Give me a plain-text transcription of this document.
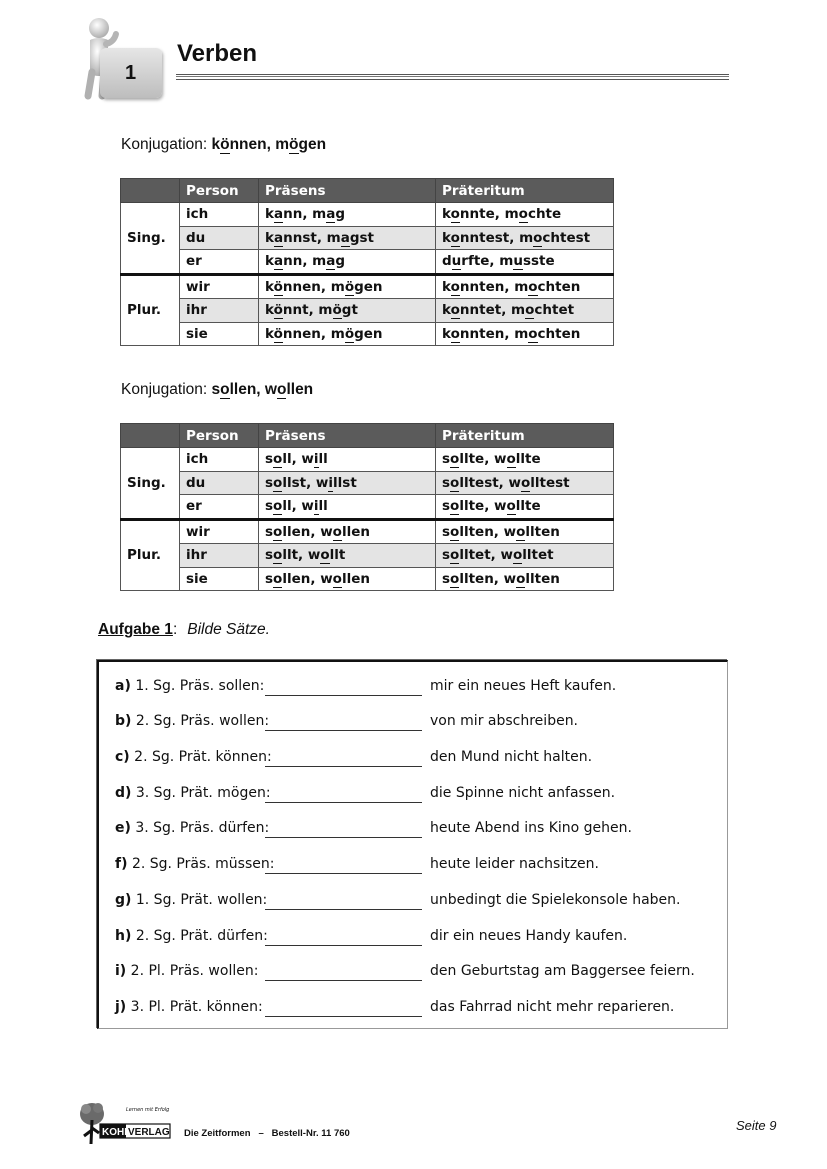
1
Verben
Konjugation: können, mögen
	Person	Präsens	Präteritum
Sing.	ich	kann, mag	konnte, mochte
	du	kannst, magst	konntest, mochtest
	er	kann, mag	durfte, musste
Plur.	wir	können, mögen	konnten, mochten
	ihr	könnt, mögt	konntet, mochtet
	sie	können, mögen	konnten, mochten
Konjugation: sollen, wollen
	Person	Präsens	Präteritum
Sing.	ich	soll, will	sollte, wollte
	du	sollst, willst	solltest, wolltest
	er	soll, will	sollte, wollte
Plur.	wir	sollen, wollen	sollten, wollten
	ihr	sollt, wollt	solltet, wolltet
	sie	sollen, wollen	sollten, wollten
Aufgabe 1: Bilde Sätze.
a) 1. Sg. Präs. sollen:	mir ein neues Heft kaufen.
b) 2. Sg. Präs. wollen:	von mir abschreiben.
c) 2. Sg. Prät. können:	den Mund nicht halten.
d) 3. Sg. Prät. mögen:	die Spinne nicht anfassen.
e) 3. Sg. Präs. dürfen:	heute Abend ins Kino gehen.
f) 2. Sg. Präs. müssen:	heute leider nachsitzen.
g) 1. Sg. Prät. wollen:	unbedingt die Spielekonsole haben.
h) 2. Sg. Prät. dürfen:	dir ein neues Handy kaufen.
i) 2. Pl. Präs. wollen:	den Geburtstag am Baggersee feiern.
j) 3. Pl. Prät. können:	das Fahrrad nicht mehr reparieren.
Lernen mit Erfolg
KOHL
VERLAG Die Zeitformen – Bestell-Nr. 11 760
Seite 9
